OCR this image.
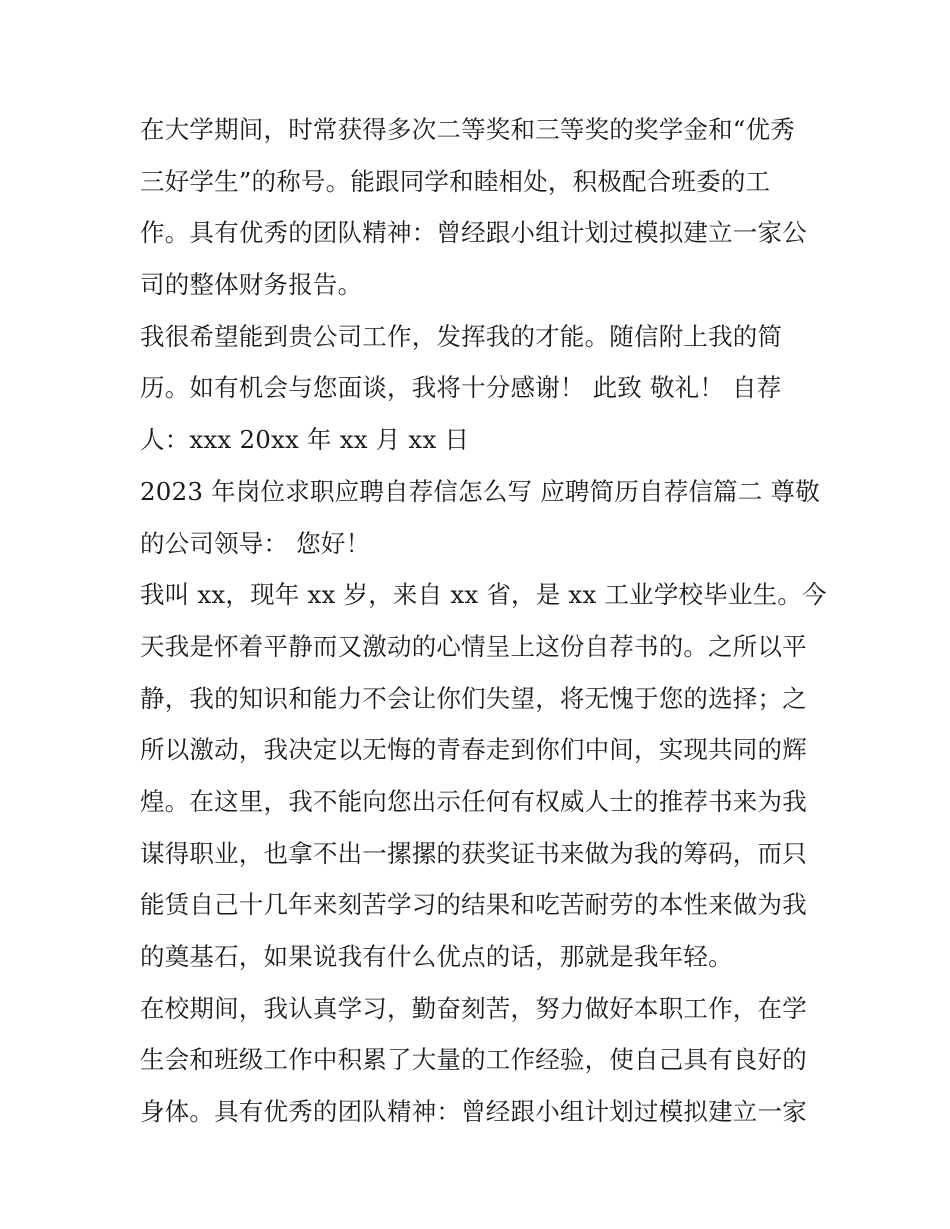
在大学期间，时常获得多次二等奖和三等奖的奖学金和“优秀
三好学生”的称号。能跟同学和睦相处，积极配合班委的工
作。具有优秀的团队精神：曾经跟小组计划过模拟建立一家公
司的整体财务报告。
我很希望能到贵公司工作，发挥我的才能。随信附上我的简
历。如有机会与您面谈，我将十分感谢！ 此致 敬礼！ 自荐
人：xxx 20xx 年 xx 月 xx 日
2023 年岗位求职应聘自荐信怎么写 应聘简历自荐信篇二 尊敬
的公司领导： 您好！
我叫 xx，现年 xx 岁，来自 xx 省，是 xx 工业学校毕业生。今
天我是怀着平静而又激动的心情呈上这份自荐书的。之所以平
静，我的知识和能力不会让你们失望，将无愧于您的选择；之
所以激动，我决定以无悔的青春走到你们中间，实现共同的辉
煌。在这里，我不能向您出示任何有权威人士的推荐书来为我
谋得职业，也拿不出一摞摞的获奖证书来做为我的筹码，而只
能赁自己十几年来刻苦学习的结果和吃苦耐劳的本性来做为我
的奠基石，如果说我有什么优点的话，那就是我年轻。
在校期间，我认真学习，勤奋刻苦，努力做好本职工作，在学
生会和班级工作中积累了大量的工作经验，使自己具有良好的
身体。具有优秀的团队精神：曾经跟小组计划过模拟建立一家
